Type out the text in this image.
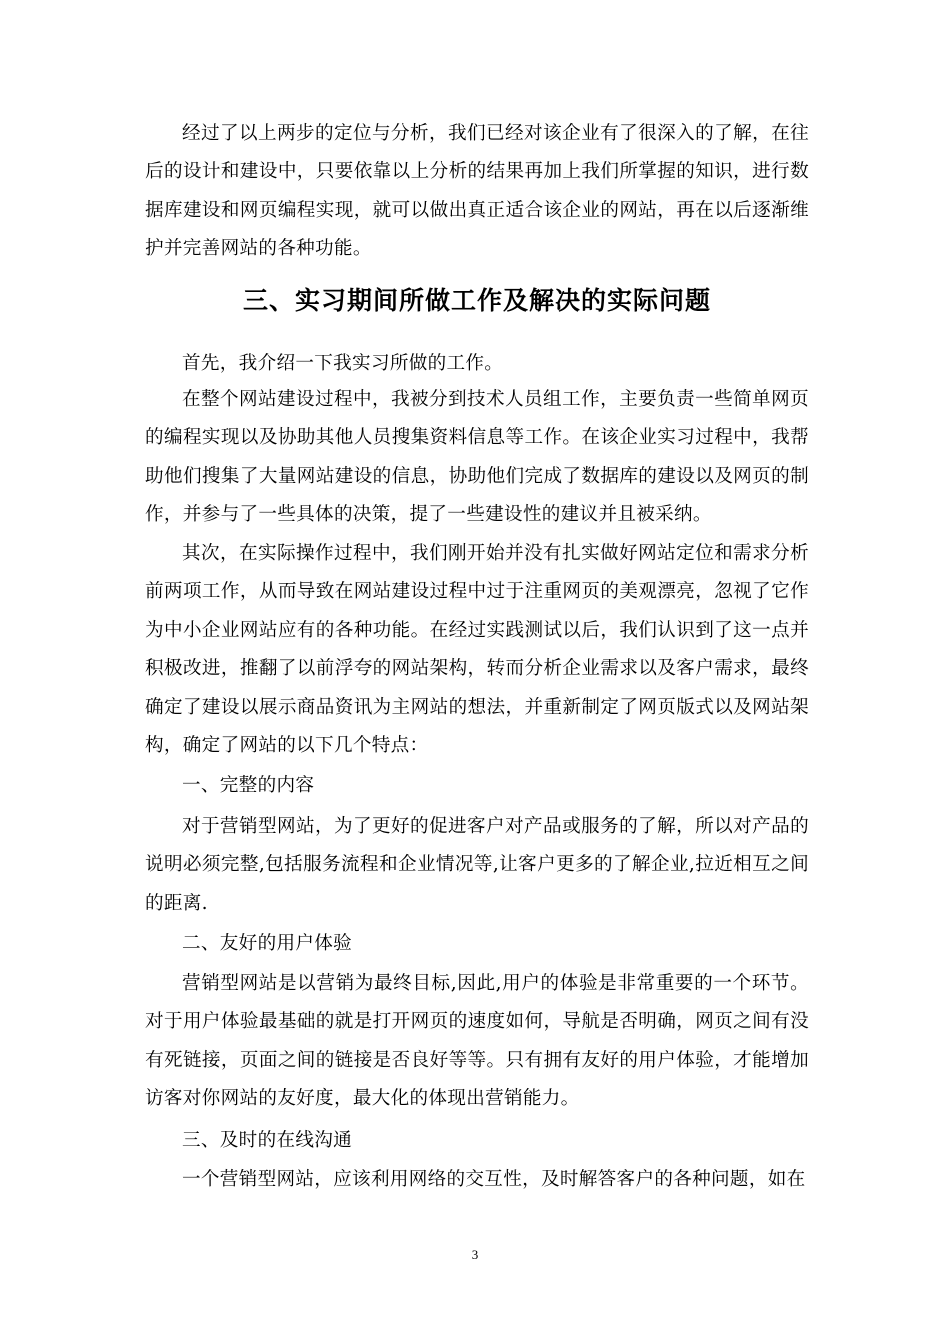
经过了以上两步的定位与分析，我们已经对该企业有了很深入的了解，在往后的设计和建设中，只要依靠以上分析的结果再加上我们所掌握的知识，进行数据库建设和网页编程实现，就可以做出真正适合该企业的网站，再在以后逐渐维护并完善网站的各种功能。

三、实习期间所做工作及解决的实际问题

首先，我介绍一下我实习所做的工作。

在整个网站建设过程中，我被分到技术人员组工作，主要负责一些简单网页的编程实现以及协助其他人员搜集资料信息等工作。在该企业实习过程中，我帮助他们搜集了大量网站建设的信息，协助他们完成了数据库的建设以及网页的制作，并参与了一些具体的决策，提了一些建设性的建议并且被采纳。

其次，在实际操作过程中，我们刚开始并没有扎实做好网站定位和需求分析前两项工作，从而导致在网站建设过程中过于注重网页的美观漂亮，忽视了它作为中小企业网站应有的各种功能。在经过实践测试以后，我们认识到了这一点并积极改进，推翻了以前浮夸的网站架构，转而分析企业需求以及客户需求，最终确定了建设以展示商品资讯为主网站的想法，并重新制定了网页版式以及网站架构，确定了网站的以下几个特点：

一、完整的内容

对于营销型网站，为了更好的促进客户对产品或服务的了解，所以对产品的说明必须完整,包括服务流程和企业情况等,让客户更多的了解企业,拉近相互之间的距离.

二、友好的用户体验

营销型网站是以营销为最终目标,因此,用户的体验是非常重要的一个环节。对于用户体验最基础的就是打开网页的速度如何，导航是否明确，网页之间有没有死链接，页面之间的链接是否良好等等。只有拥有友好的用户体验，才能增加访客对你网站的友好度，最大化的体现出营销能力。

三、及时的在线沟通

一个营销型网站，应该利用网络的交互性，及时解答客户的各种问题，如在

3
